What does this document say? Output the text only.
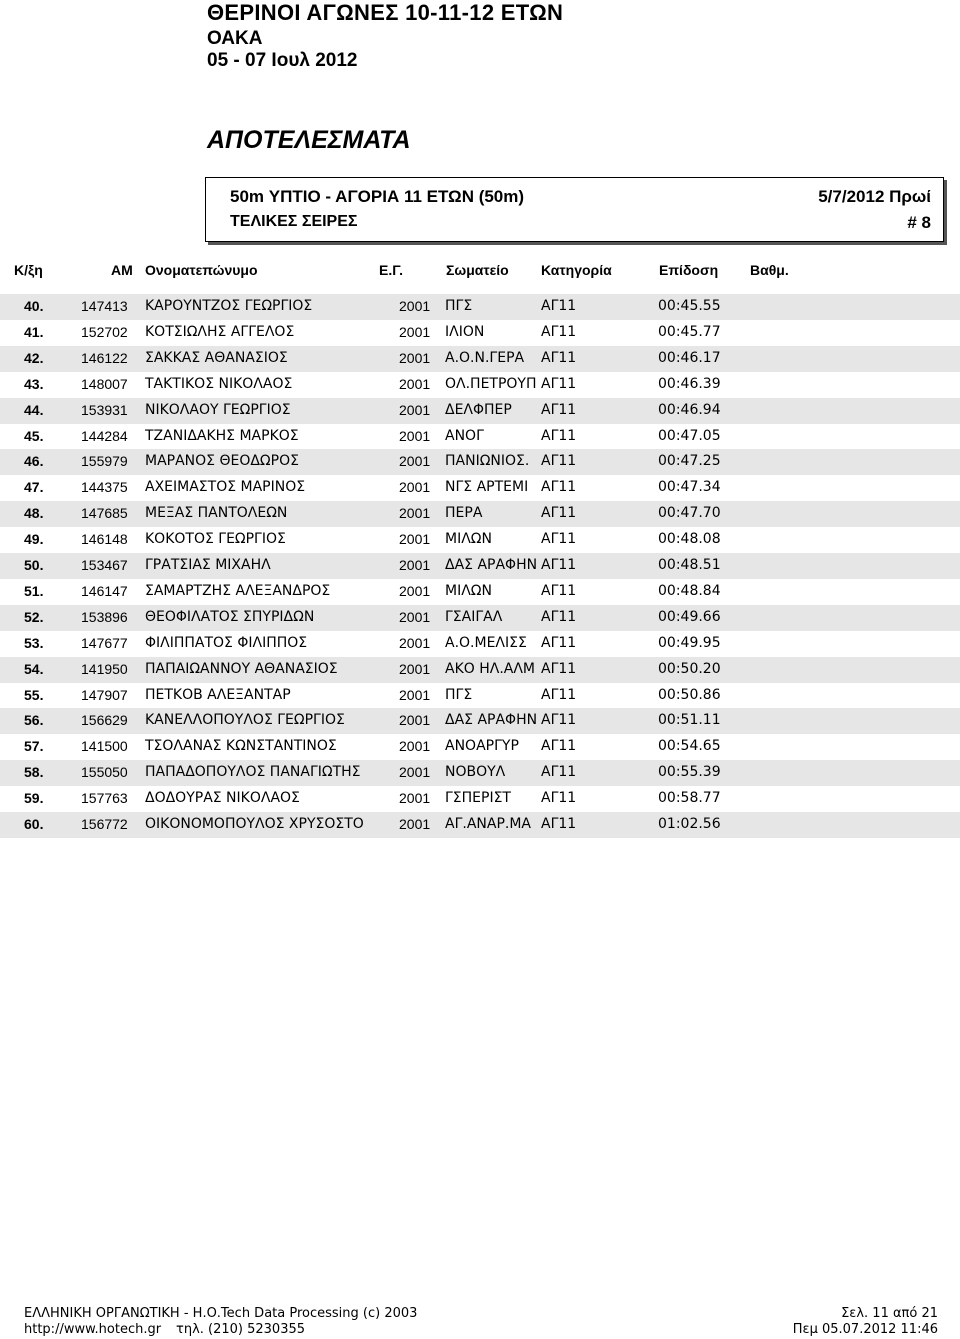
ΘΕΡΙΝΟΙ ΑΓΩΝΕΣ 10-11-12 ΕΤΩΝ
ΟΑΚΑ
05 - 07 Ιουλ 2012
ΑΠΟΤΕΛΕΣΜΑΤΑ
50m ΥΠΤΙΟ - ΑΓΟΡΙΑ 11 ΕΤΩΝ (50m)	5/7/2012 Πρωί
ΤΕΛΙΚΕΣ ΣΕΙΡΕΣ	# 8
Κ/ξη	ΑΜ Ονοματεπώνυμο	Ε.Γ.	Σωματείο Κατηγορία	Επίδοση Βαθμ.
40.	147413 ΚΑΡΟΥΝΤΖΟΣ ΓΕΩΡΓΙΟΣ	2001 ΠΓΣ	ΑΓ11	00:45.55
41.	152702 ΚΟΤΣΙΩΛΗΣ ΑΓΓΕΛΟΣ	2001 ΙΛΙΟΝ	ΑΓ11	00:45.77
42.	146122 ΣΑΚΚΑΣ ΑΘΑΝΑΣΙΟΣ	2001 Α.Ο.Ν.ΓΕΡΑ	ΑΓ11	00:46.17
43.	148007 ΤΑΚΤΙΚΟΣ ΝΙΚΟΛΑΟΣ	2001 ΟΛ.ΠΕΤΡΟΥΠ ΑΓ11	00:46.39
44.	153931 ΝΙΚΟΛΑΟΥ ΓΕΩΡΓΙΟΣ	2001 ΔΕΛΦΠΕΡ	ΑΓ11	00:46.94
45.	144284 ΤΖΑΝΙΔΑΚΗΣ ΜΑΡΚΟΣ	2001 ΑΝΟΓ	ΑΓ11	00:47.05
46.	155979 ΜΑΡΑΝΟΣ ΘΕΟΔΩΡΟΣ	2001 ΠΑΝΙΩΝΙΟΣ. ΑΓ11	00:47.25
47.	144375 ΑΧΕΙΜΑΣΤΟΣ ΜΑΡΙΝΟΣ	2001 ΝΓΣ ΑΡΤΕΜΙ ΑΓ11	00:47.34
48.	147685 ΜΕΞΑΣ ΠΑΝΤΟΛΕΩΝ	2001 ΠΕΡΑ	ΑΓ11	00:47.70
49.	146148 ΚΟΚΟΤΟΣ ΓΕΩΡΓΙΟΣ	2001 ΜΙΛΩΝ	ΑΓ11	00:48.08
50.	153467 ΓΡΑΤΣΙΑΣ ΜΙΧΑΗΛ	2001 ΔΑΣ ΑΡΑΦΗΝ ΑΓ11	00:48.51
51.	146147 ΣΑΜΑΡΤΖΗΣ ΑΛΕΞΑΝΔΡΟΣ	2001 ΜΙΛΩΝ	ΑΓ11	00:48.84
52.	153896 ΘΕΟΦΙΛΑΤΟΣ ΣΠΥΡΙΔΩΝ	2001 ΓΣΑΙΓΑΛ	ΑΓ11	00:49.66
53.	147677 ΦΙΛΙΠΠΑΤΟΣ ΦΙΛΙΠΠΟΣ	2001 Α.Ο.ΜΕΛΙΣΣ	ΑΓ11	00:49.95
54.	141950 ΠΑΠΑΙΩΑΝΝΟΥ ΑΘΑΝΑΣΙΟΣ	2001 ΑΚΟ ΗΛ.ΑΛΜ ΑΓ11	00:50.20
55.	147907 ΠΕΤΚΟΒ ΑΛΕΞΑΝΤΑΡ	2001 ΠΓΣ	ΑΓ11	00:50.86
56.	156629 ΚΑΝΕΛΛΟΠΟΥΛΟΣ ΓΕΩΡΓΙΟΣ	2001 ΔΑΣ ΑΡΑΦΗΝ ΑΓ11	00:51.11
57.	141500 ΤΣΟΛΑΝΑΣ ΚΩΝΣΤΑΝΤΙΝΟΣ	2001 ΑΝΟΑΡΓΥΡ	ΑΓ11	00:54.65
58.	155050 ΠΑΠΑΔΟΠΟΥΛΟΣ ΠΑΝΑΓΙΩΤΗΣ	2001 ΝΟΒΟΥΛ	ΑΓ11	00:55.39
59.	157763 ΔΟΔΟΥΡΑΣ ΝΙΚΟΛΑΟΣ	2001 ΓΣΠΕΡΙΣΤ	ΑΓ11	00:58.77
60.	156772 ΟΙΚΟΝΟΜΟΠΟΥΛΟΣ ΧΡΥΣΟΣΤΟ	2001 ΑΓ.ΑΝΑΡ.ΜΑ ΑΓ11	01:02.56
ΕΛΛΗΝΙΚΗ ΟΡΓΑΝΩΤΙΚΗ - Η.Ο.Tech Data Processing (c) 2003
http://www.hotech.gr τηλ. (210) 5230355
Σελ. 11 από 21
Πεμ 05.07.2012 11:46
